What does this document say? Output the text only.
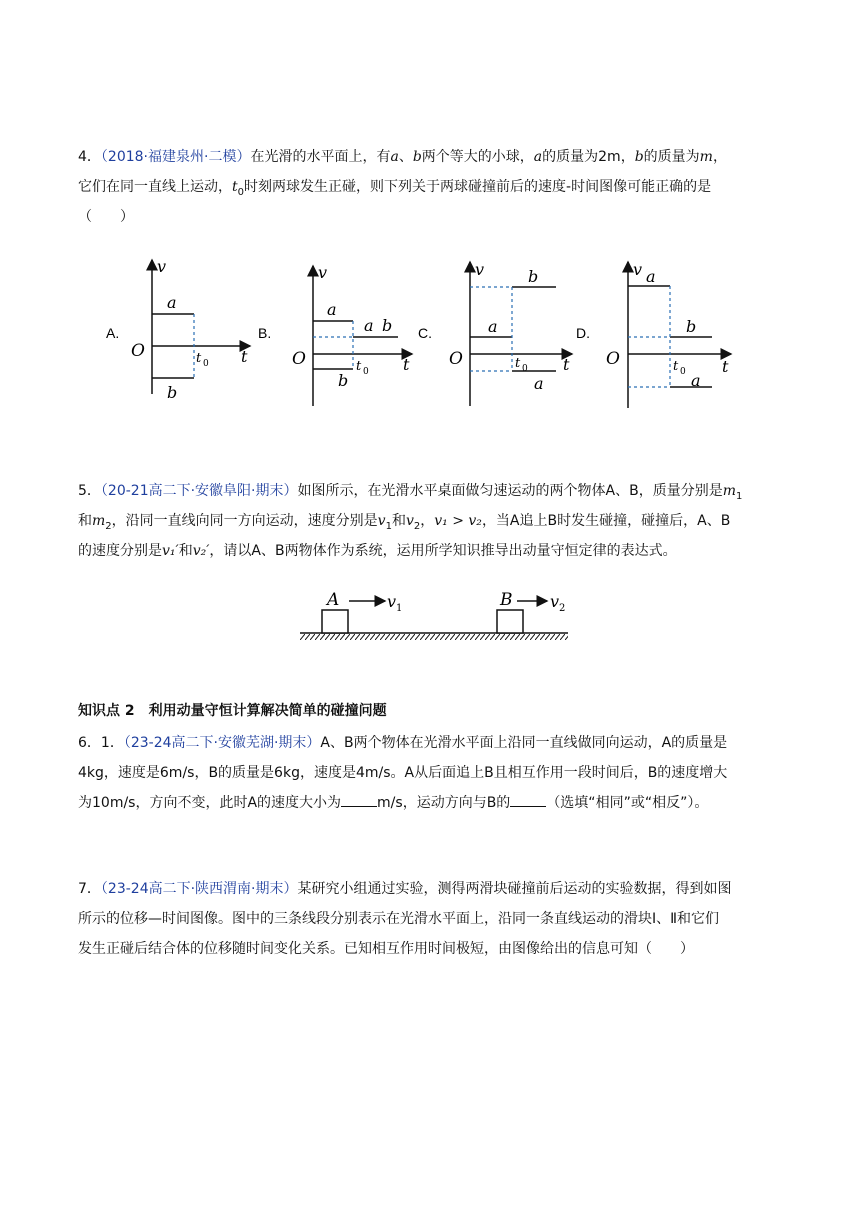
4．（2018·福建泉州·二模）在光滑的水平面上，有a、b两个等大的小球，a的质量为2m，b的质量为m，
它们在同一直线上运动，$t_0$时刻两球发生正碰，则下列关于两球碰撞前后的速度-时间图像可能正确的是
（　　）
A.
v
t
O
a
b
t 0
B.
v
t
O
a
b
a b
t 0
C.
v
t
O
b
a
a
t 0
D.
v
t
O
a
b
a
t 0
5．（20-21高二下·安徽阜阳·期末）如图所示，在光滑水平桌面做匀速运动的两个物体A、B，质量分别是$m_1$
和$m_2$，沿同一直线向同一方向运动，速度分别是$v_1$和$v_2$，v₁ > v₂，当A追上B时发生碰撞，碰撞后，A、B
的速度分别是v₁′和v₂′，请以A、B两物体作为系统，运用所学知识推导出动量守恒定律的表达式。
A	B
v 1	v 2
知识点 2　利用动量守恒计算解决简单的碰撞问题
6．1．（23-24高二下·安徽芜湖·期末）A、B两个物体在光滑水平面上沿同一直线做同向运动，A的质量是
4kg，速度是6m/s，B的质量是6kg，速度是4m/s。A从后面追上B且相互作用一段时间后，B的速度增大
为10m/s，方向不变，此时A的速度大小为	m/s，运动方向与B的	（选填“相同”或“相反”）。
7．（23-24高二下·陕西渭南·期末）某研究小组通过实验，测得两滑块碰撞前后运动的实验数据，得到如图
所示的位移—时间图像。图中的三条线段分别表示在光滑水平面上，沿同一条直线运动的滑块Ⅰ、Ⅱ和它们
发生正碰后结合体的位移随时间变化关系。已知相互作用时间极短，由图像给出的信息可知（　　）
